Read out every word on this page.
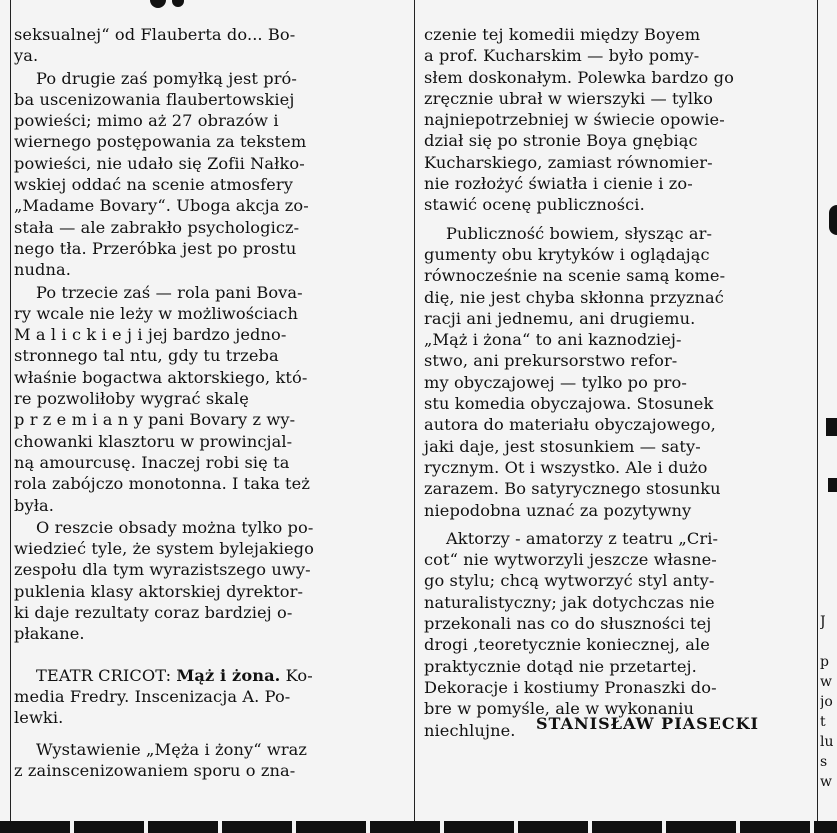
seksualnej“ od Flauberta do... Bo-
ya.

Po drugie zaś pomyłką jest pró-
ba uscenizowania flaubertowskiej
powieści; mimo aż 27 obrazów i
wiernego postępowania za tekstem
powieści, nie udało się Zofii Nałko-
wskiej oddać na scenie atmosfery
„Madame Bovary“. Uboga akcja zo-
stała — ale zabrakło psychologicz-
nego tła. Przeróbka jest po prostu
nudna.

Po trzecie zaś — rola pani Bova-
ry wcale nie leży w możliwościach
M a l i c k i e j i jej bardzo jedno-
stronnego tal ntu, gdy tu trzeba
właśnie bogactwa aktorskiego, któ-
re pozwoliłoby wygrać skalę
p r z e m i a n y pani Bovary z wy-
chowanki klasztoru w prowincjal-
ną amourcusę. Inaczej robi się ta
rola zabójczo monotonna. I taka też
była.

O reszcie obsady można tylko po-
wiedzieć tyle, że system bylejakiego
zespołu dla tym wyrazistszego uwy-
puklenia klasy aktorskiej dyrektor-
ki daje rezultaty coraz bardziej o-
płakane.

TEATR CRICOT: Mąż i żona. Ko-
media Fredry. Inscenizacja A. Po-
lewki.

Wystawienie „Męża i żony“ wraz
z zainscenizowaniem sporu o zna-

czenie tej komedii między Boyem
a prof. Kucharskim — było pomy-
słem doskonałym. Polewka bardzo go
zręcznie ubrał w wierszyki — tylko
najniepotrzebniej w świecie opowie-
dział się po stronie Boya gnębiąc
Kucharskiego, zamiast równomier-
nie rozłożyć światła i cienie i zo-
stawić ocenę publiczności.

Publiczność bowiem, słysząc ar-
gumenty obu krytyków i oglądając
równocześnie na scenie samą kome-
dię, nie jest chyba skłonna przyznać
racji ani jednemu, ani drugiemu.
„Mąż i żona“ to ani kaznodziej-
stwo, ani prekursorstwo refor-
my obyczajowej — tylko po pro-
stu komedia obyczajowa. Stosunek
autora do materiału obyczajowego,
jaki daje, jest stosunkiem — saty-
rycznym. Ot i wszystko. Ale i dużo
zarazem. Bo satyrycznego stosunku
niepodobna uznać za pozytywny

Aktorzy - amatorzy z teatru „Cri-
cot“ nie wytworzyli jeszcze własne-
go stylu; chcą wytworzyć styl anty-
naturalistyczny; jak dotychczas nie
przekonali nas co do słuszności tej
drogi ,teoretycznie koniecznej, ale
praktycznie dotąd nie przetartej.
Dekoracje i kostiumy Pronaszki do-
bre w pomyśle, ale w wykonaniu
niechlujne.	STANISŁAW PIASECKI
J
p
w
jo
t
lu
s
w
